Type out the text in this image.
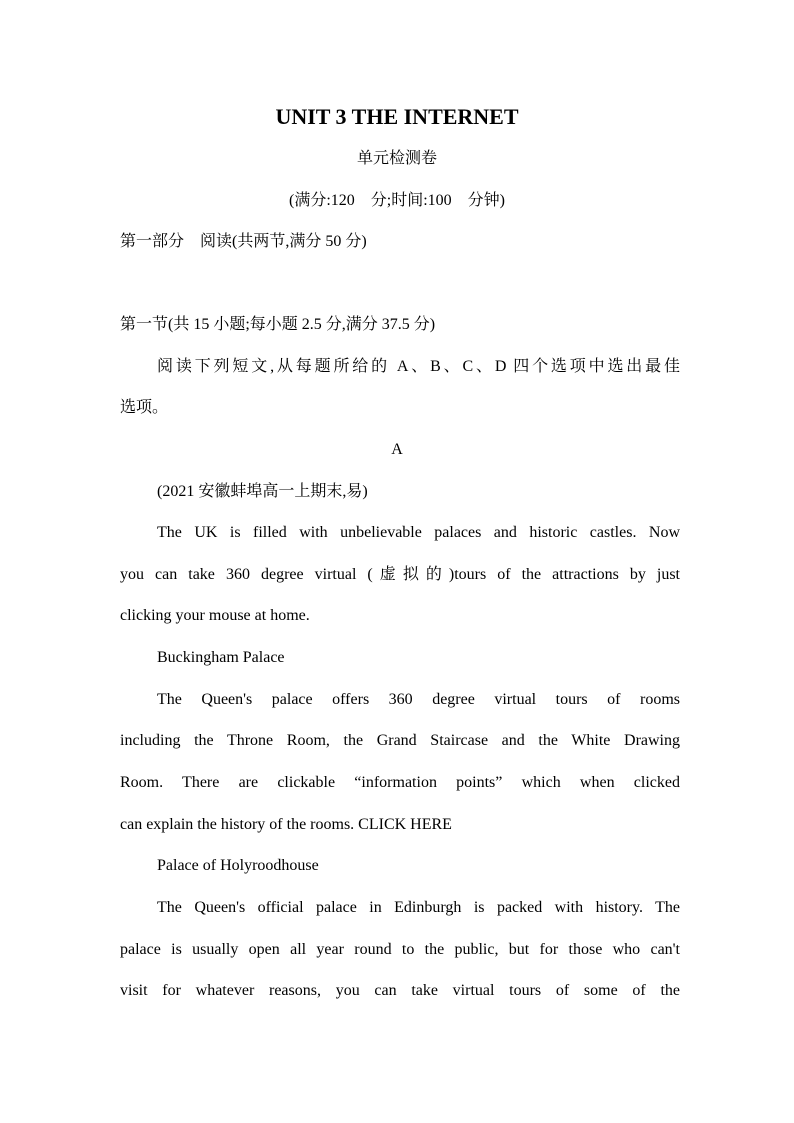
UNIT 3 THE INTERNET
单元检测卷
(满分:120　分;时间:100　分钟)
第一部分　阅读(共两节,满分 50 分)
第一节(共 15 小题;每小题 2.5 分,满分 37.5 分)
阅读下列短文,从每题所给的 A、B、C、D 四个选项中选出最佳
选项。
A
(2021 安徽蚌埠高一上期末,易)
The UK is filled with unbelievable palaces and historic castles. Now
you can take 360 degree virtual (虚拟的)tours of the attractions by just
clicking your mouse at home.
Buckingham Palace
The Queen's palace offers 360 degree virtual tours of rooms
including the Throne Room, the Grand Staircase and the White Drawing
Room. There are clickable “information points” which when clicked
can explain the history of the rooms. CLICK HERE
Palace of Holyroodhouse
The Queen's official palace in Edinburgh is packed with history. The
palace is usually open all year round to the public, but for those who can't
visit for whatever reasons, you can take virtual tours of some of the
